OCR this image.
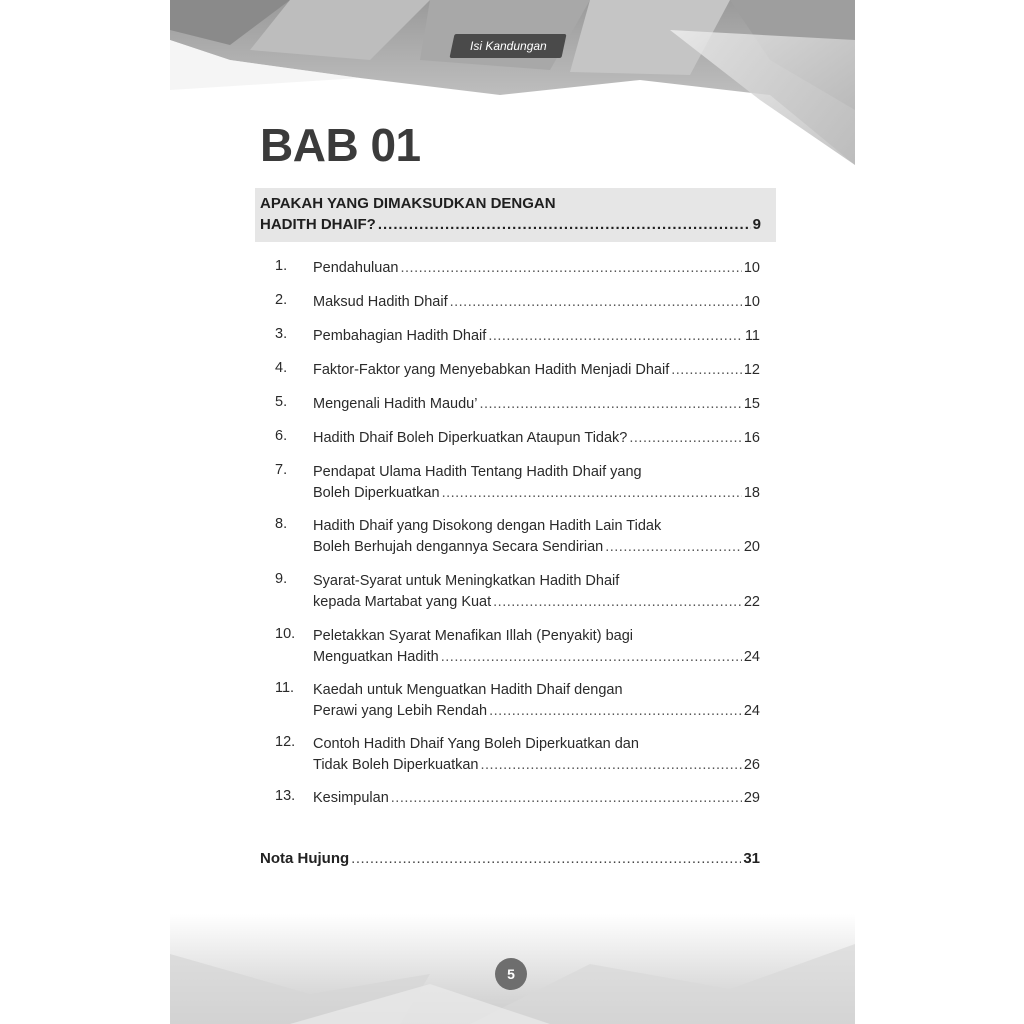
Isi Kandungan
BAB 01
APAKAH YANG DIMAKSUDKAN DENGAN
HADITH DHAIF? .....	9
1.	Pendahuluan .....	10
2.	Maksud Hadith Dhaif .....	10
3.	Pembahagian Hadith Dhaif .....	11
4.	Faktor-Faktor yang Menyebabkan Hadith Menjadi Dhaif .....	12
5.	Mengenali Hadith Maudu’ .....	15
6.	Hadith Dhaif Boleh Diperkuatkan Ataupun Tidak? .....	16
7.	Pendapat Ulama Hadith Tentang Hadith Dhaif yang
Boleh Diperkuatkan .....	18
8.	Hadith Dhaif yang Disokong dengan Hadith Lain Tidak
Boleh Berhujah dengannya Secara Sendirian .....	20
9.	Syarat-Syarat untuk Meningkatkan Hadith Dhaif
kepada Martabat yang Kuat .....	22
10.	Peletakkan Syarat Menafikan Illah (Penyakit) bagi
Menguatkan Hadith .....	24
11.	Kaedah untuk Menguatkan Hadith Dhaif dengan
Perawi yang Lebih Rendah .....	24
12.	Contoh Hadith Dhaif Yang Boleh Diperkuatkan dan
Tidak Boleh Diperkuatkan .....	26
13.	Kesimpulan .....	29
Nota Hujung .....	31
5
